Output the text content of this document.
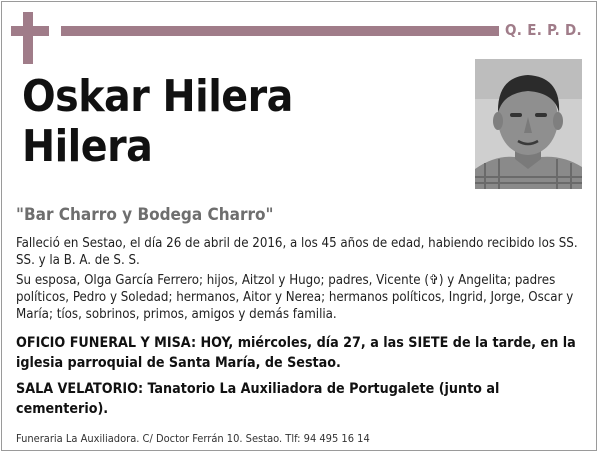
Q. E. P. D.
Oskar Hilera
Hilera
"Bar Charro y Bodega Charro"
Falleció en Sestao, el día 26 de abril de 2016, a los 45 años de edad, habiendo recibido los SS. SS. y la B. A. de S. S.
Su esposa, Olga García Ferrero; hijos, Aitzol y Hugo; padres, Vicente (✞) y Angelita; padres políticos, Pedro y Soledad; hermanos, Aitor y Nerea; hermanos políticos, Ingrid, Jorge, Oscar y María; tíos, sobrinos, primos, amigos y demás familia.
OFICIO FUNERAL Y MISA: HOY, miércoles, día 27, a las SIETE de la tarde, en la iglesia parroquial de Santa María, de Sestao.
SALA VELATORIO: Tanatorio La Auxiliadora de Portugalete (junto al cementerio).
Funeraria La Auxiliadora. C/ Doctor Ferrán 10. Sestao. Tlf: 94 495 16 14
